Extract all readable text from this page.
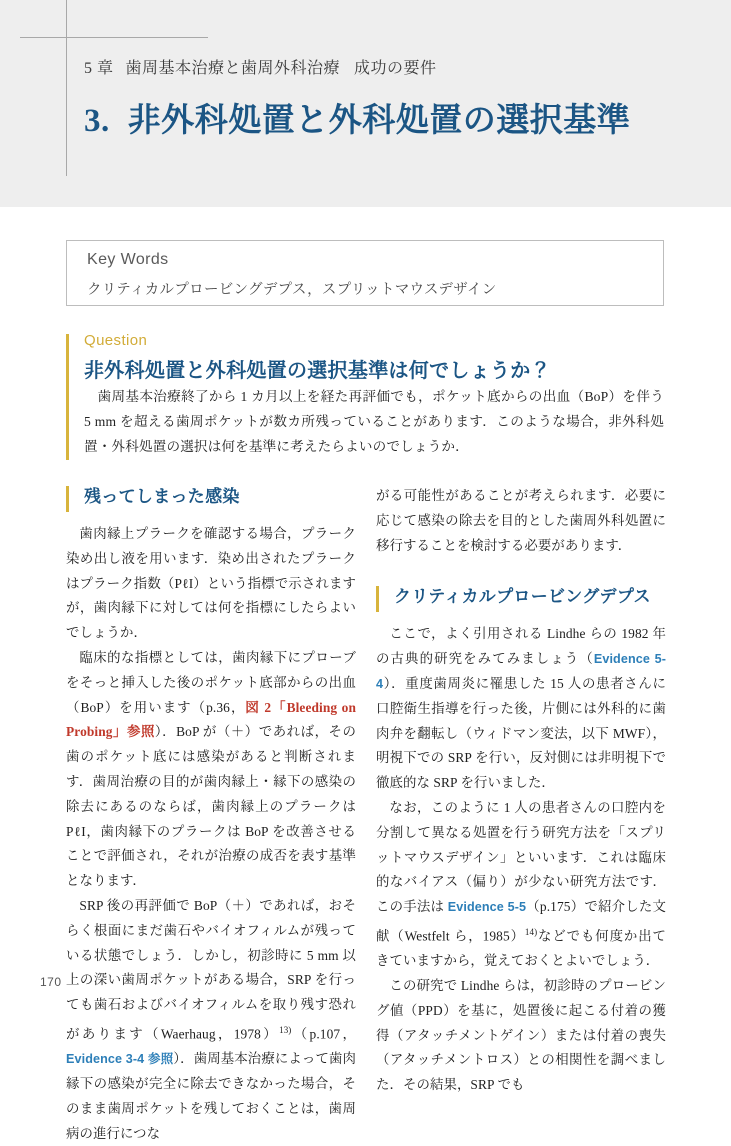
5 章 歯周基本治療と歯周外科治療 成功の要件
3. 非外科処置と外科処置の選択基準
Key Words
クリティカルプロービングデプス，スプリットマウスデザイン
Question
非外科処置と外科処置の選択基準は何でしょうか？
歯周基本治療終了から 1 カ月以上を経た再評価でも，ポケット底からの出血（BoP）を伴う 5 mm を超える歯周ポケットが数カ所残っていることがあります．このような場合，非外科処置・外科処置の選択は何を基準に考えたらよいのでしょうか．
残ってしまった感染

歯肉縁上プラークを確認する場合，プラーク染め出し液を用います．染め出されたプラークはプラーク指数（PℓI）という指標で示されますが，歯肉縁下に対しては何を指標にしたらよいでしょうか．

臨床的な指標としては，歯肉縁下にプローブをそっと挿入した後のポケット底部からの出血（BoP）を用います（p.36，図 2「Bleeding on Probing」参照）．BoP が（＋）であれば，その歯のポケット底には感染があると判断されます．歯周治療の目的が歯肉縁上・縁下の感染の除去にあるのならば，歯肉縁上のプラークは PℓI，歯肉縁下のプラークは BoP を改善させることで評価され，それが治療の成否を表す基準となります．

SRP 後の再評価で BoP（＋）であれば，おそらく根面にまだ歯石やバイオフィルムが残っている状態でしょう．しかし，初診時に 5 mm 以上の深い歯周ポケットがある場合，SRP を行っても歯石およびバイオフィルムを取り残す恐れがあります（Waerhaug，1978）$^{13)}$（p.107，Evidence 3-4 参照）．歯周基本治療によって歯肉縁下の感染が完全に除去できなかった場合，そのまま歯周ポケットを残しておくことは，歯周病の進行につな

がる可能性があることが考えられます．必要に応じて感染の除去を目的とした歯周外科処置に移行することを検討する必要があります．

クリティカルプロービングデプス

ここで，よく引用される Lindhe らの 1982 年の古典的研究をみてみましょう（Evidence 5-4）．重度歯周炎に罹患した 15 人の患者さんに口腔衛生指導を行った後，片側には外科的に歯肉弁を翻転し（ウィドマン変法，以下 MWF），明視下での SRP を行い，反対側には非明視下で徹底的な SRP を行いました．

なお，このように 1 人の患者さんの口腔内を分割して異なる処置を行う研究方法を「スプリットマウスデザイン」といいます．これは臨床的なバイアス（偏り）が少ない研究方法です．この手法は Evidence 5-5（p.175）で紹介した文献（Westfelt ら，1985）$^{14)}$などでも何度か出てきていますから，覚えておくとよいでしょう．

この研究で Lindhe らは，初診時のプロービング値（PPD）を基に，処置後に起こる付着の獲得（アタッチメントゲイン）または付着の喪失（アタッチメントロス）との相関性を調べました．その結果，SRP でも

170
